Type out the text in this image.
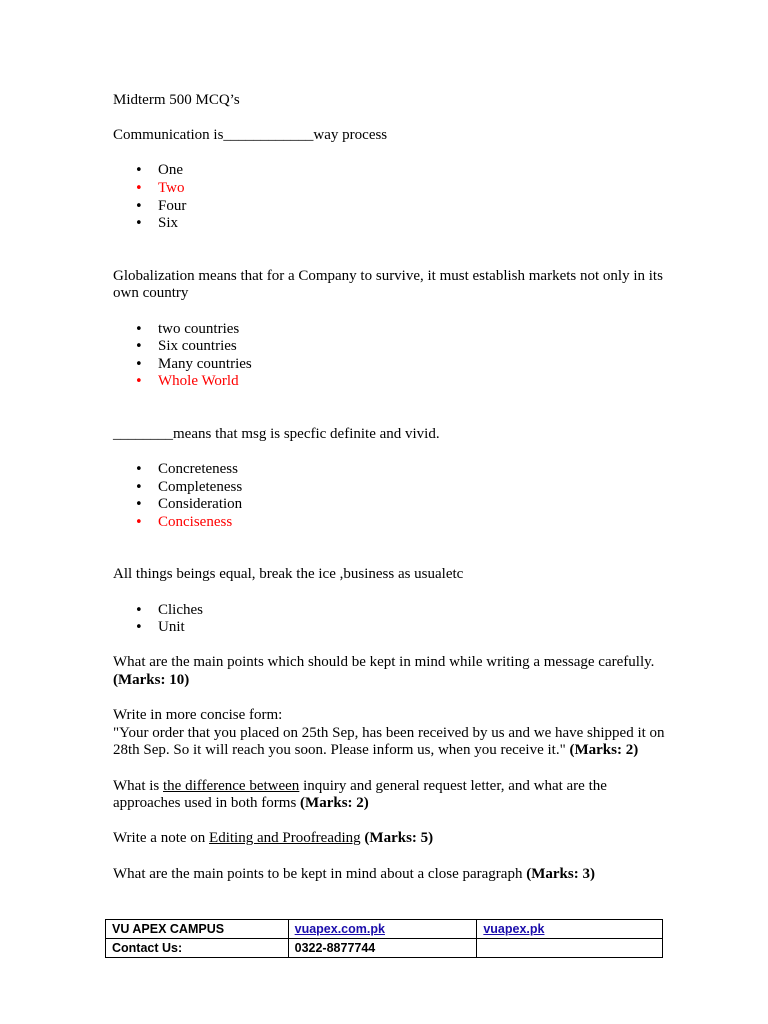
Midterm 500 MCQ’s

Communication is____________way process

• One
• Two
• Four
• Six

Globalization means that for a Company to survive, it must establish markets not only in its own country

• two countries
• Six countries
• Many countries
• Whole World

________means that msg is specfic definite and vivid.

• Concreteness
• Completeness
• Consideration
• Conciseness

All things beings equal, break the ice ,business as usualetc

• Cliches
• Unit

What are the main points which should be kept in mind while writing a message carefully. (Marks: 10)

Write in more concise form:

"Your order that you placed on 25th Sep, has been received by us and we have shipped it on 28th Sep. So it will reach you soon. Please inform us, when you receive it." (Marks: 2)

What is the difference between inquiry and general request letter, and what are the approaches used in both forms (Marks: 2)

Write a note on Editing and Proofreading (Marks: 5)

What are the main points to be kept in mind about a close paragraph (Marks: 3)

VU APEX CAMPUS	vuapex.com.pk	vuapex.pk
Contact Us:	0322-8877744	
